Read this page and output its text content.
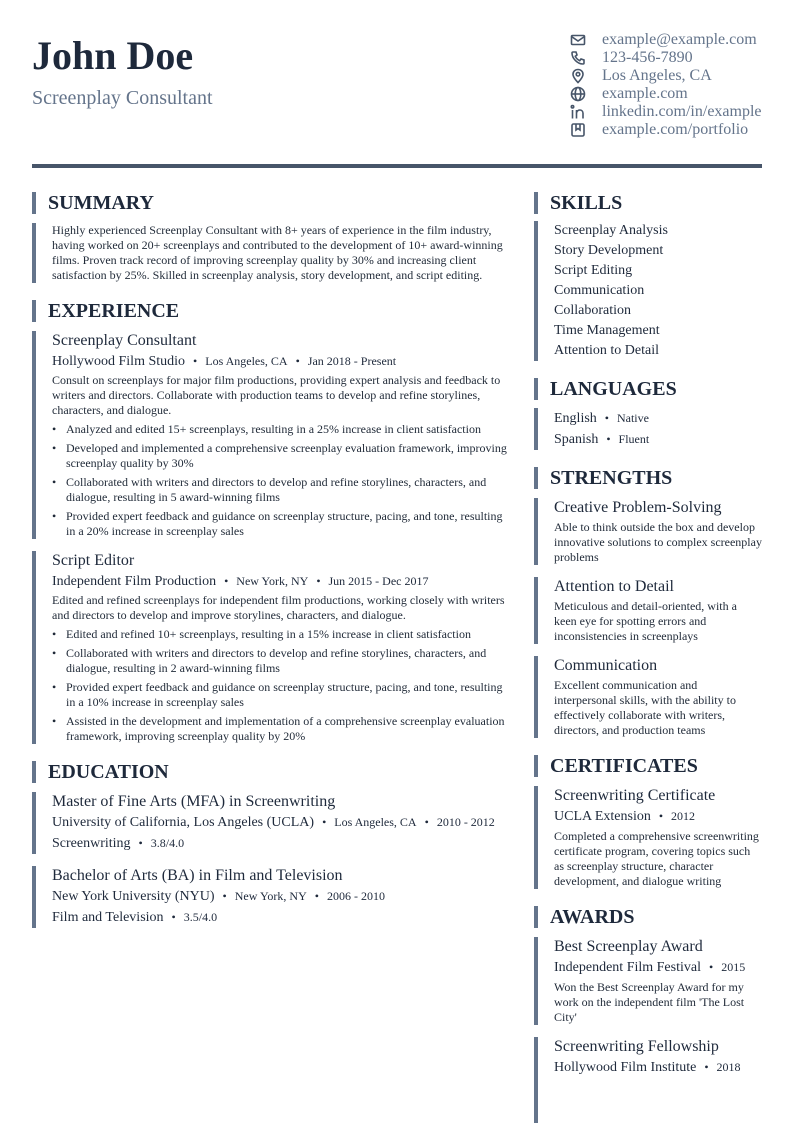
John Doe
Screenplay Consultant
example@example.com
123-456-7890
Los Angeles, CA
example.com
linkedin.com/in/example
example.com/portfolio
SUMMARY
Highly experienced Screenplay Consultant with 8+ years of experience in the film industry, having worked on 20+ screenplays and contributed to the development of 10+ award-winning films. Proven track record of improving screenplay quality by 30% and increasing client satisfaction by 25%. Skilled in screenplay analysis, story development, and script editing.
EXPERIENCE
Screenplay Consultant
Hollywood Film Studio • Los Angeles, CA • Jan 2018 - Present
Consult on screenplays for major film productions, providing expert analysis and feedback to writers and directors. Collaborate with production teams to develop and refine storylines, characters, and dialogue.
• Analyzed and edited 15+ screenplays, resulting in a 25% increase in client satisfaction
• Developed and implemented a comprehensive screenplay evaluation framework, improving screenplay quality by 30%
• Collaborated with writers and directors to develop and refine storylines, characters, and dialogue, resulting in 5 award-winning films
• Provided expert feedback and guidance on screenplay structure, pacing, and tone, resulting in a 20% increase in screenplay sales
Script Editor
Independent Film Production • New York, NY • Jun 2015 - Dec 2017
Edited and refined screenplays for independent film productions, working closely with writers and directors to develop and improve storylines, characters, and dialogue.
• Edited and refined 10+ screenplays, resulting in a 15% increase in client satisfaction
• Collaborated with writers and directors to develop and refine storylines, characters, and dialogue, resulting in 2 award-winning films
• Provided expert feedback and guidance on screenplay structure, pacing, and tone, resulting in a 10% increase in screenplay sales
• Assisted in the development and implementation of a comprehensive screenplay evaluation framework, improving screenplay quality by 20%
EDUCATION
Master of Fine Arts (MFA) in Screenwriting
University of California, Los Angeles (UCLA) • Los Angeles, CA • 2010 - 2012
Screenwriting • 3.8/4.0
Bachelor of Arts (BA) in Film and Television
New York University (NYU) • New York, NY • 2006 - 2010
Film and Television • 3.5/4.0
SKILLS
Screenplay Analysis
Story Development
Script Editing
Communication
Collaboration
Time Management
Attention to Detail
LANGUAGES
English • Native
Spanish • Fluent
STRENGTHS
Creative Problem-Solving
Able to think outside the box and develop innovative solutions to complex screenplay problems
Attention to Detail
Meticulous and detail-oriented, with a keen eye for spotting errors and inconsistencies in screenplays
Communication
Excellent communication and interpersonal skills, with the ability to effectively collaborate with writers, directors, and production teams
CERTIFICATES
Screenwriting Certificate
UCLA Extension • 2012
Completed a comprehensive screenwriting certificate program, covering topics such as screenplay structure, character development, and dialogue writing
AWARDS
Best Screenplay Award
Independent Film Festival • 2015
Won the Best Screenplay Award for my work on the independent film 'The Lost City'
Screenwriting Fellowship
Hollywood Film Institute • 2018
